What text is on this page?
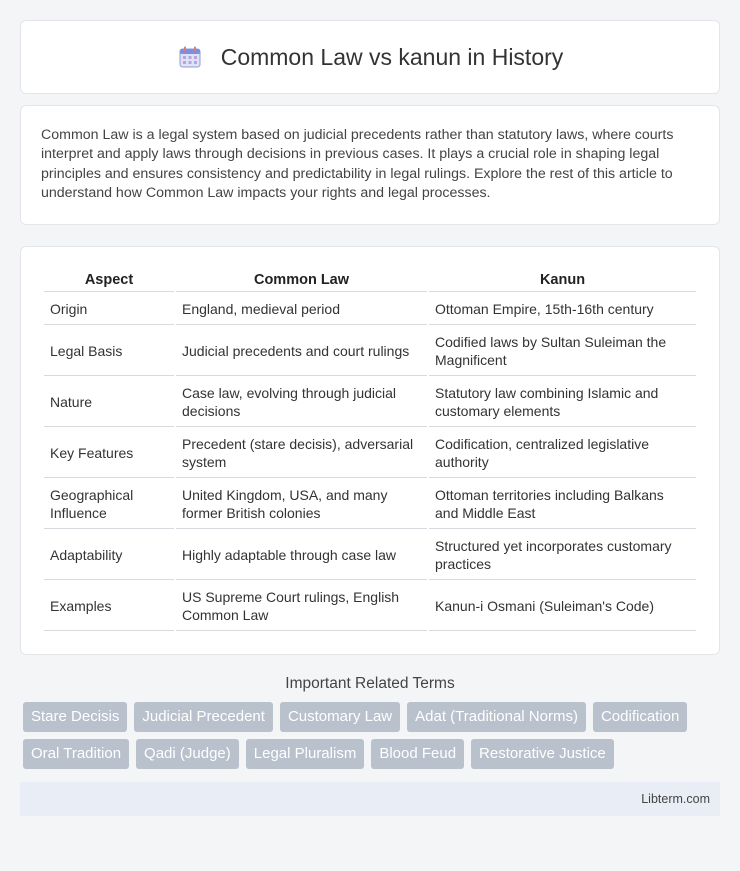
Common Law vs kanun in History

Common Law is a legal system based on judicial precedents rather than statutory laws, where courts interpret and apply laws through decisions in previous cases. It plays a crucial role in shaping legal principles and ensures consistency and predictability in legal rulings. Explore the rest of this article to understand how Common Law impacts your rights and legal processes.

Aspect	Common Law	Kanun
Origin	England, medieval period	Ottoman Empire, 15th-16th century
Legal Basis	Judicial precedents and court rulings	Codified laws by Sultan Suleiman the Magnificent
Nature	Case law, evolving through judicial decisions	Statutory law combining Islamic and customary elements
Key Features	Precedent (stare decisis), adversarial system	Codification, centralized legislative authority
Geographical Influence	United Kingdom, USA, and many former British colonies	Ottoman territories including Balkans and Middle East
Adaptability	Highly adaptable through case law	Structured yet incorporates customary practices
Examples	US Supreme Court rulings, English Common Law	Kanun-i Osmani (Suleiman's Code)
Important Related Terms
Stare Decisis	Judicial Precedent	Customary Law	Adat (Traditional Norms)	Codification
Oral Tradition	Qadi (Judge)	Legal Pluralism	Blood Feud	Restorative Justice
Libterm.com
